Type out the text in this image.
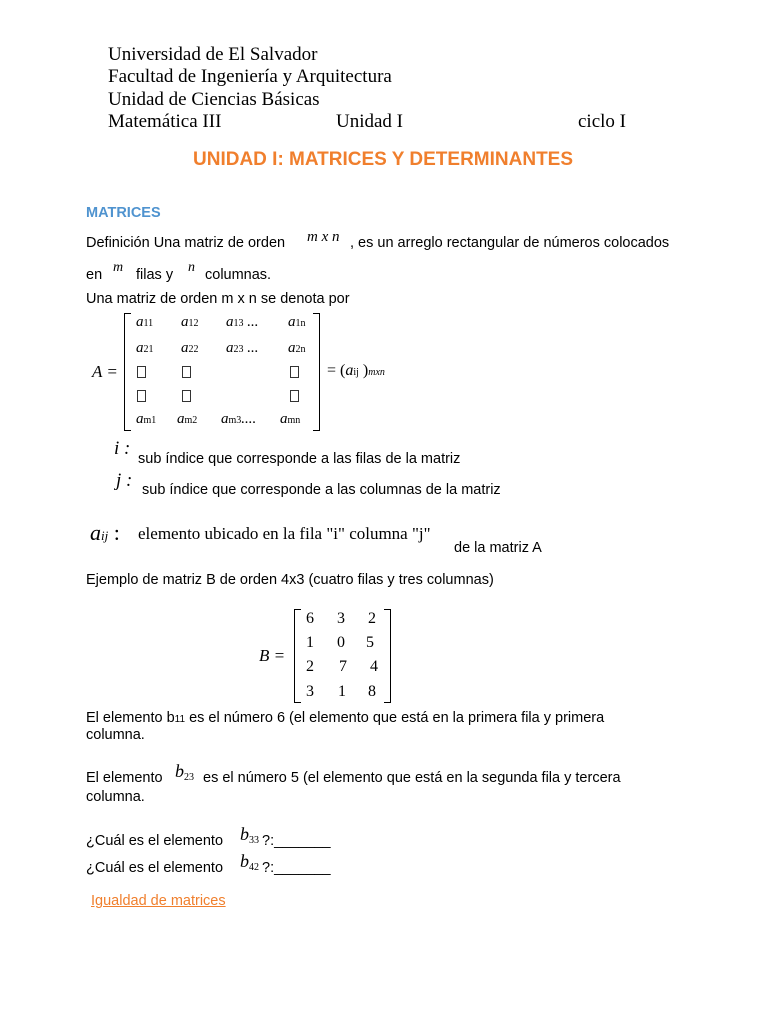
Universidad de El Salvador
Facultad de Ingeniería y Arquitectura
Unidad de Ciencias Básicas
Matemática III	Unidad I	ciclo I
UNIDAD I: MATRICES Y DETERMINANTES
MATRICES
Definición Una matriz de orden m x n , es un arreglo rectangular de números colocados
en m filas y n columnas.
Una matriz de orden m x n se denota por
A =
a11 a12 a13 ... a1n
a21 a22 a23 ... a2n
am1 am2 am3.... amn
= (aij )mxn
i : sub índice que corresponde a las filas de la matriz
j : sub índice que corresponde a las columnas de la matriz
aij : elemento ubicado en la fila "i" columna "j"
de la matriz A
Ejemplo de matriz B de orden 4x3 (cuatro filas y tres columnas)
B =
6 3 2
1 0 5
2 7 4
3 1 8
El elemento b11 es el número 6 (el elemento que está en la primera fila y primera
columna.
El elemento b23 es el número 5 (el elemento que está en la segunda fila y tercera
columna.
¿Cuál es el elemento b33 ?:_______
¿Cuál es el elemento b42 ?:_______
Igualdad de matrices
